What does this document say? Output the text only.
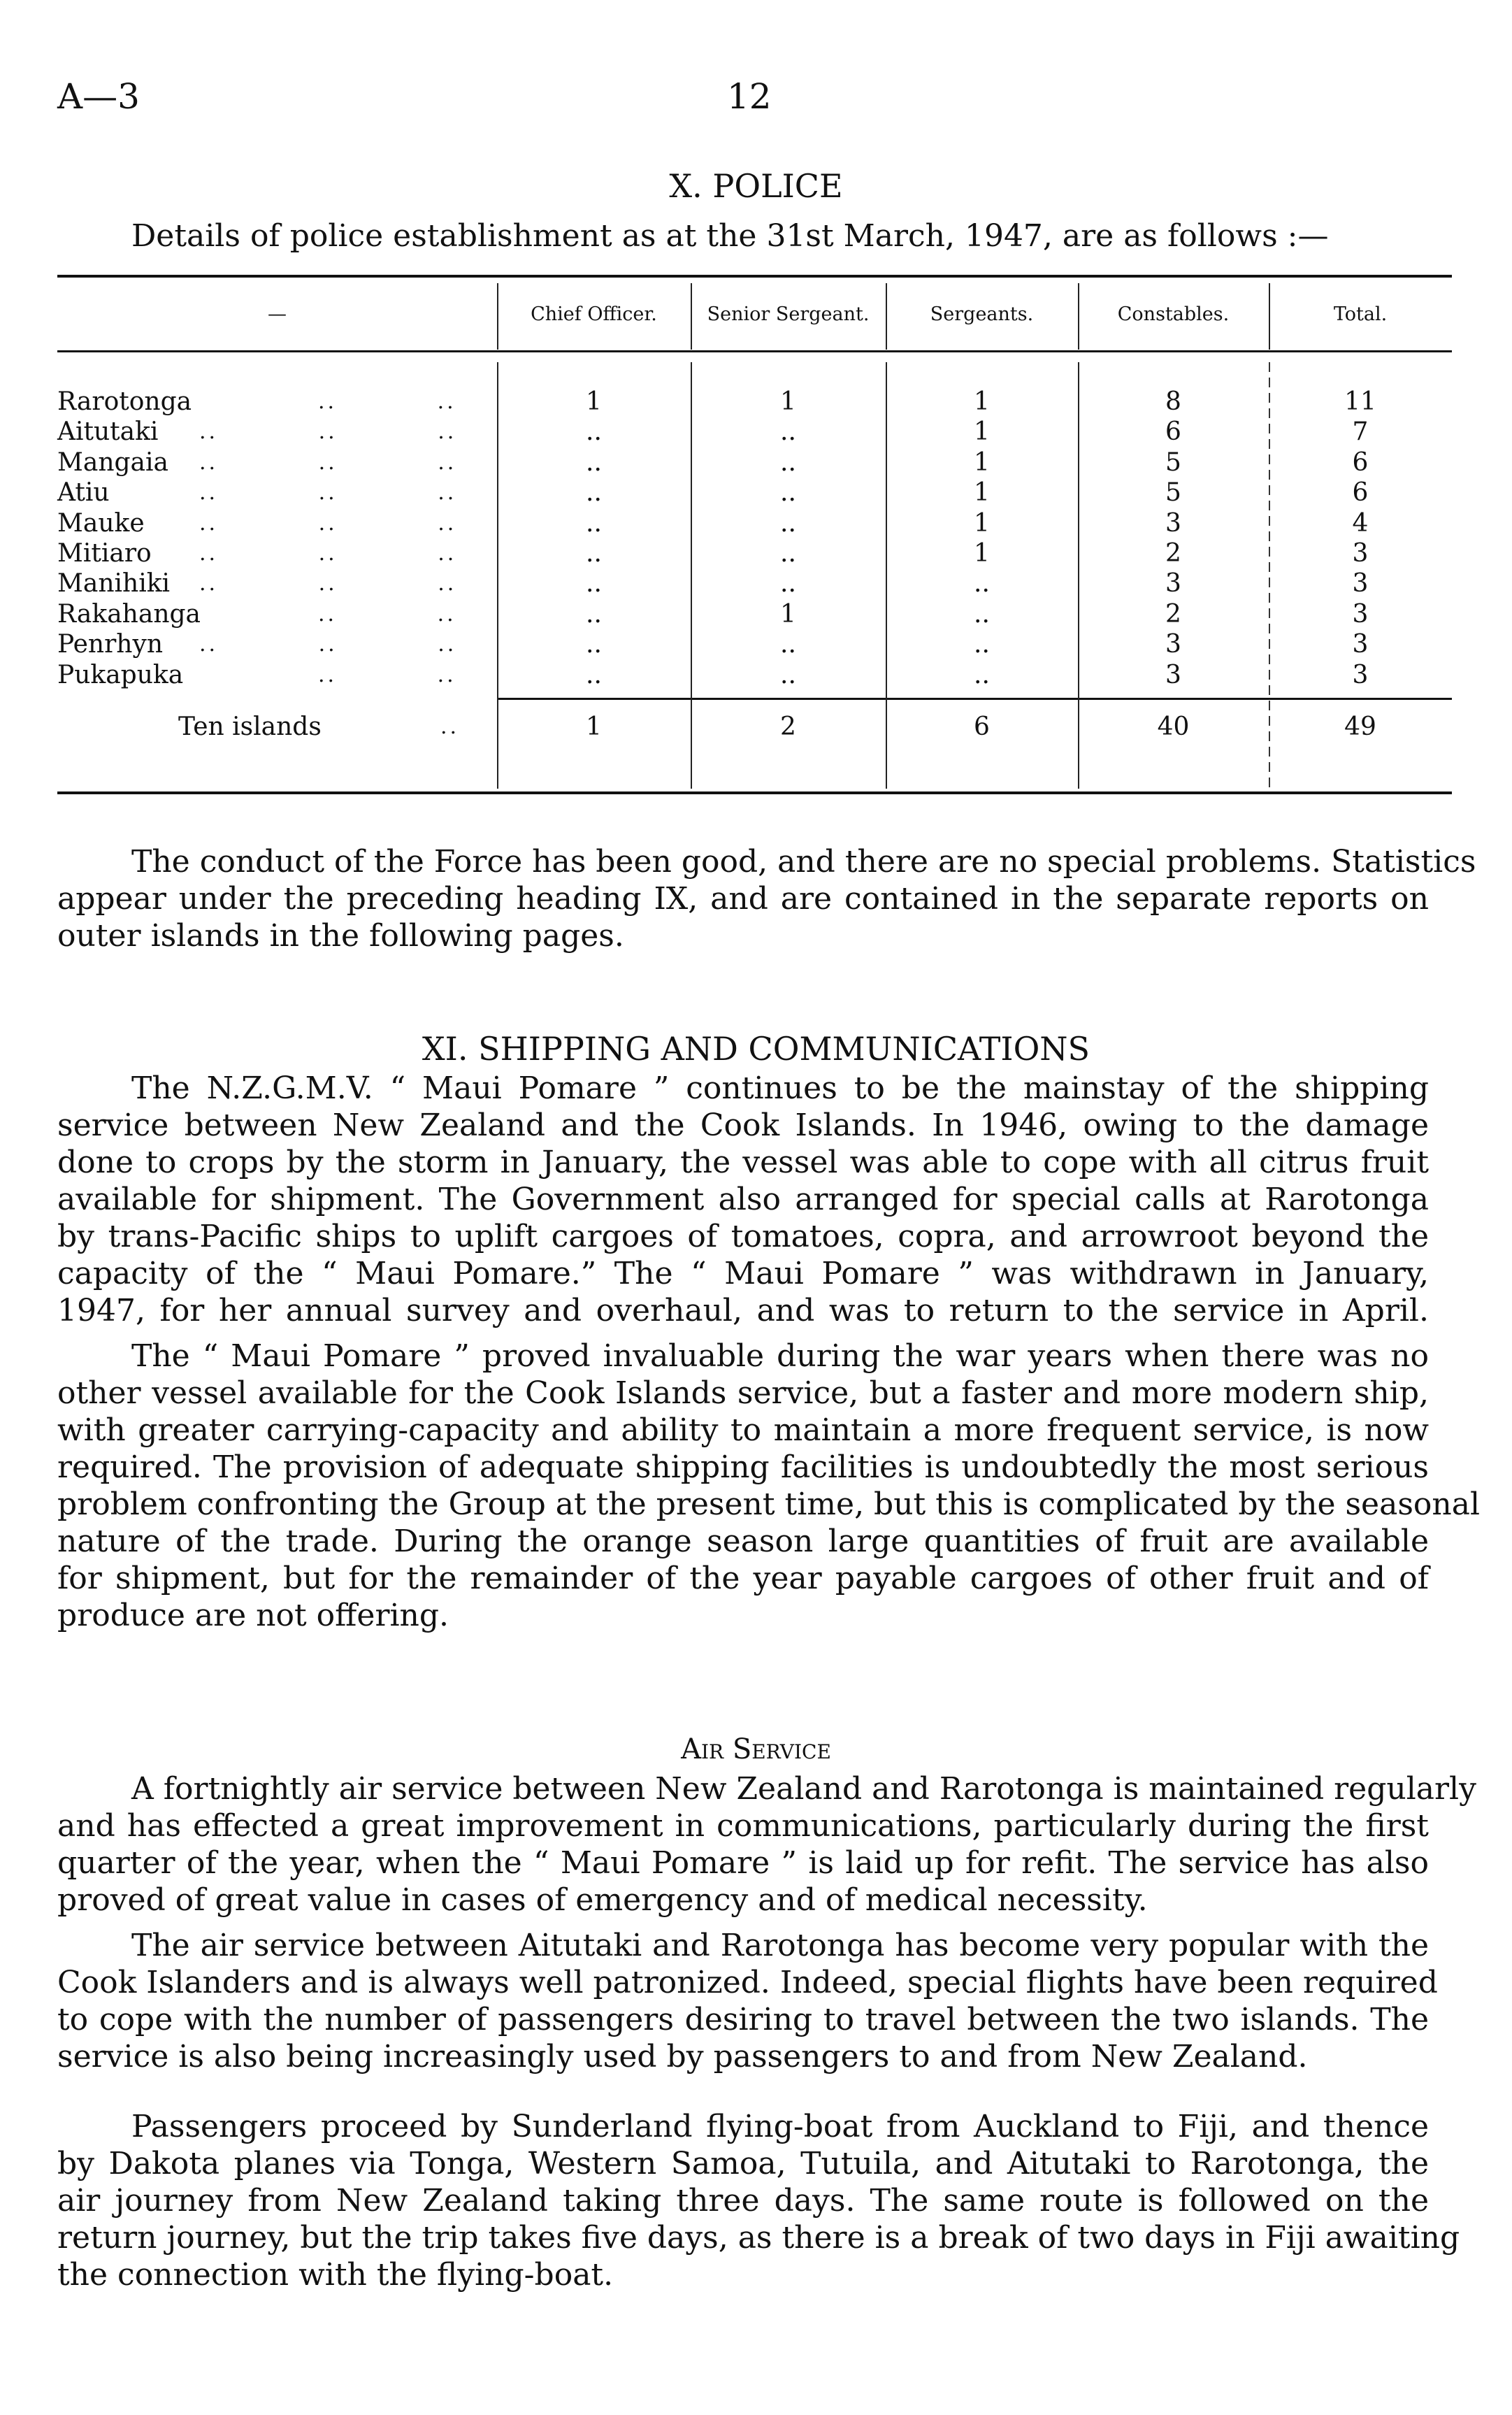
A—3	12
X. POLICE
Details of police establishment as at the 31st March, 1947, are as follows :—
—	Chief Officer.	Senior Sergeant.	Sergeants.	Constables.	Total.
Rarotonga	.. ..	1	1	1	8	11
Aitutaki .. .. ..	..	..	1	6	7
Mangaia .. .. ..	..	..	1	5	6
Atiu	.. .. ..	..	..	1	5	6
Mauke	.. .. ..	..	..	1	3	4
Mitiaro .. .. ..	..	..	1	2	3
Manihiki .. .. ..	..	..	..	3	3
Rakahanga	.. ..	..	1	..	2	3
Penrhyn .. .. ..	..	..	..	3	3
Pukapuka	.. ..	..	..	..	3	3
Ten islands	..	1	2	6	40	49
The conduct of the Force has been good, and there are no special problems. Statistics
appear under the preceding heading IX, and are contained in the separate reports on
outer islands in the following pages.
XI. SHIPPING AND COMMUNICATIONS
The N.Z.G.M.V. “ Maui Pomare ” continues to be the mainstay of the shipping
service between New Zealand and the Cook Islands. In 1946, owing to the damage
done to crops by the storm in January, the vessel was able to cope with all citrus fruit
available for shipment. The Government also arranged for special calls at Rarotonga
by trans-Pacific ships to uplift cargoes of tomatoes, copra, and arrowroot beyond the
capacity of the “ Maui Pomare.” The “ Maui Pomare ” was withdrawn in January,
1947, for her annual survey and overhaul, and was to return to the service in April.
The “ Maui Pomare ” proved invaluable during the war years when there was no
other vessel available for the Cook Islands service, but a faster and more modern ship,
with greater carrying-capacity and ability to maintain a more frequent service, is now
required. The provision of adequate shipping facilities is undoubtedly the most serious
problem confronting the Group at the present time, but this is complicated by the seasonal
nature of the trade. During the orange season large quantities of fruit are available
for shipment, but for the remainder of the year payable cargoes of other fruit and of
produce are not offering.
Air Service
A fortnightly air service between New Zealand and Rarotonga is maintained regularly
and has effected a great improvement in communications, particularly during the first
quarter of the year, when the “ Maui Pomare ” is laid up for refit. The service has also
proved of great value in cases of emergency and of medical necessity.
The air service between Aitutaki and Rarotonga has become very popular with the
Cook Islanders and is always well patronized. Indeed, special flights have been required
to cope with the number of passengers desiring to travel between the two islands. The
service is also being increasingly used by passengers to and from New Zealand.
Passengers proceed by Sunderland flying-boat from Auckland to Fiji, and thence
by Dakota planes via Tonga, Western Samoa, Tutuila, and Aitutaki to Rarotonga, the
air journey from New Zealand taking three days. The same route is followed on the
return journey, but the trip takes five days, as there is a break of two days in Fiji awaiting
the connection with the flying-boat.
